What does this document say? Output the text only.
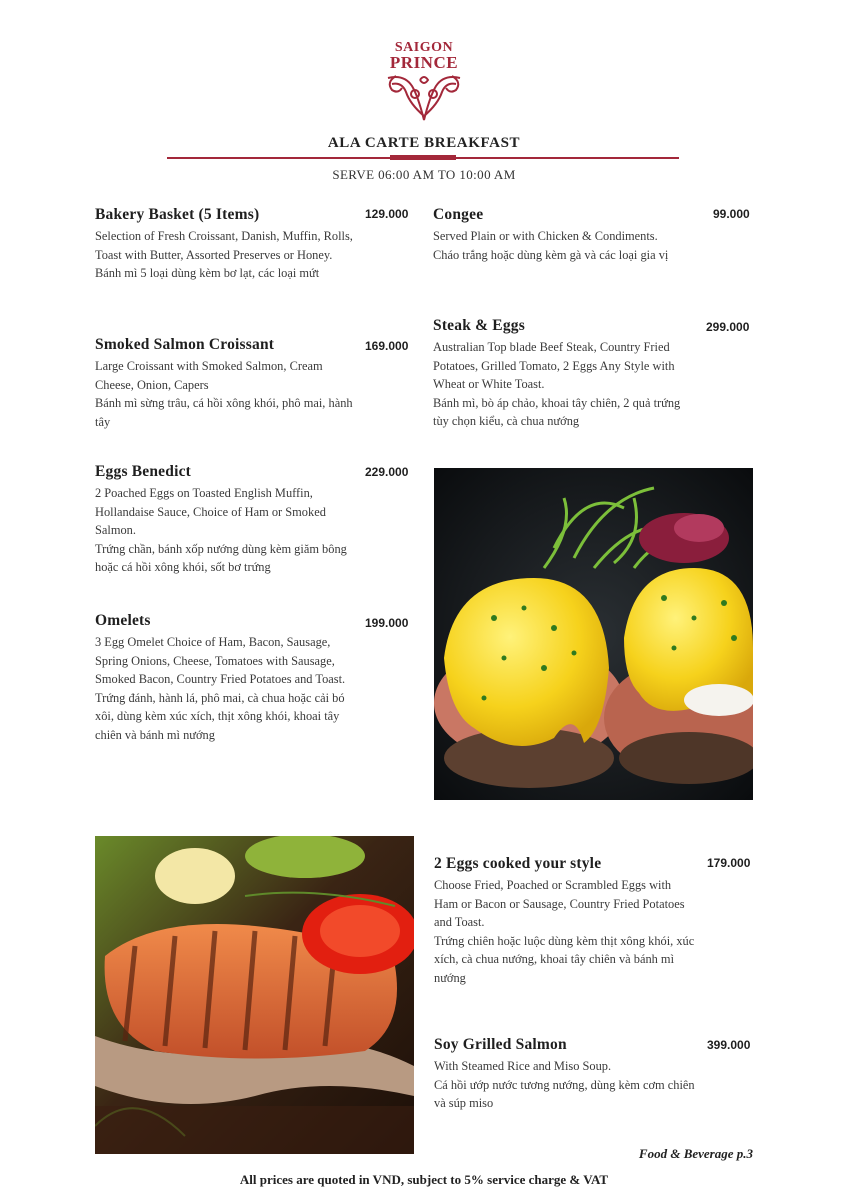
SAIGON
PRINCE
ALA CARTE BREAKFAST
SERVE 06:00 AM TO 10:00 AM
Bakery Basket (5 Items)
Selection of Fresh Croissant, Danish, Muffin, Rolls, Toast with Butter, Assorted Preserves or Honey.
Bánh mì 5 loại dùng kèm bơ lạt, các loại mứt
129.000 Congee
Served Plain or with Chicken & Condiments.
Cháo trắng hoặc dùng kèm gà và các loại gia vị
99.000
Smoked Salmon Croissant
Large Croissant with Smoked Salmon, Cream Cheese, Onion, Capers
Bánh mì sừng trâu, cá hồi xông khói, phô mai, hành tây
169.000
Steak & Eggs
Australian Top blade Beef Steak, Country Fried Potatoes, Grilled Tomato, 2 Eggs Any Style with Wheat or White Toast.
Bánh mì, bò áp chảo, khoai tây chiên, 2 quả trứng tùy chọn kiểu, cà chua nướng
299.000
Eggs Benedict
2 Poached Eggs on Toasted English Muffin, Hollandaise Sauce, Choice of Ham or Smoked Salmon.
Trứng chần, bánh xốp nướng dùng kèm giăm bông hoặc cá hồi xông khói, sốt bơ trứng
229.000
Omelets
3 Egg Omelet Choice of Ham, Bacon, Sausage, Spring Onions, Cheese, Tomatoes with Sausage, Smoked Bacon, Country Fried Potatoes and Toast.
Trứng đánh, hành lá, phô mai, cà chua hoặc cải bó xôi, dùng kèm xúc xích, thịt xông khói, khoai tây chiên và bánh mì nướng
199.000
2 Eggs cooked your style
Choose Fried, Poached or Scrambled Eggs with Ham or Bacon or Sausage, Country Fried Potatoes and Toast.
Trứng chiên hoặc luộc dùng kèm thịt xông khói, xúc xích, cà chua nướng, khoai tây chiên và bánh mì nướng
179.000
Soy Grilled Salmon
With Steamed Rice and Miso Soup.
Cá hồi ướp nước tương nướng, dùng kèm cơm chiên và súp miso
399.000
Food & Beverage p.3
All prices are quoted in VND, subject to 5% service charge & VAT
